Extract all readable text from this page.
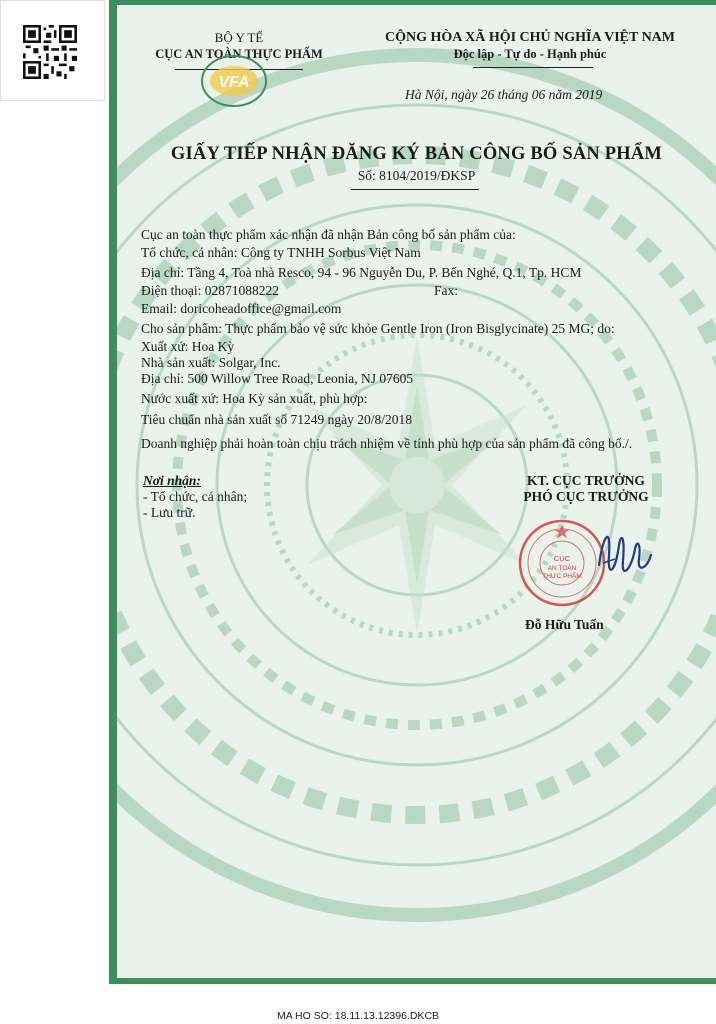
BỘ Y TẾ
CỤC AN TOÀN THỰC PHẨM
VFA
CỘNG HÒA XÃ HỘI CHỦ NGHĨA VIỆT NAM
Độc lập - Tự do - Hạnh phúc
Hà Nội, ngày 26 tháng 06 năm 2019
GIẤY TIẾP NHẬN ĐĂNG KÝ BẢN CÔNG BỐ SẢN PHẨM
Số: 8104/2019/ĐKSP
Cục an toàn thực phẩm xác nhận đã nhận Bản công bố sản phẩm của:
Tổ chức, cá nhân: Công ty TNHH Sorbus Việt Nam
Địa chỉ: Tầng 4, Toà nhà Resco, 94 - 96 Nguyễn Du, P. Bến Nghé, Q.1, Tp. HCM
Điện thoại: 02871088222	Fax:
Email: doricoheadoffice@gmail.com
Cho sản phẩm: Thực phẩm bảo vệ sức khỏe Gentle Iron (Iron Bisglycinate) 25 MG; do:
Xuất xứ: Hoa Kỳ
Nhà sản xuất: Solgar, Inc.
Địa chỉ: 500 Willow Tree Road, Leonia, NJ 07605
Nước xuất xứ: Hoa Kỳ sản xuất, phù hợp:
Tiêu chuẩn nhà sản xuất số 71249 ngày 20/8/2018
Doanh nghiệp phải hoàn toàn chịu trách nhiệm về tính phù hợp của sản phẩm đã công bố./.
Nơi nhận:
- Tổ chức, cá nhân;
- Lưu trữ.
KT. CỤC TRƯỞNG
PHÓ CỤC TRƯỞNG
CỤC
AN TOÀN
THỰC PHẨM
Đỗ Hữu Tuấn
MA HO SO: 18.11.13.12396.DKCB
